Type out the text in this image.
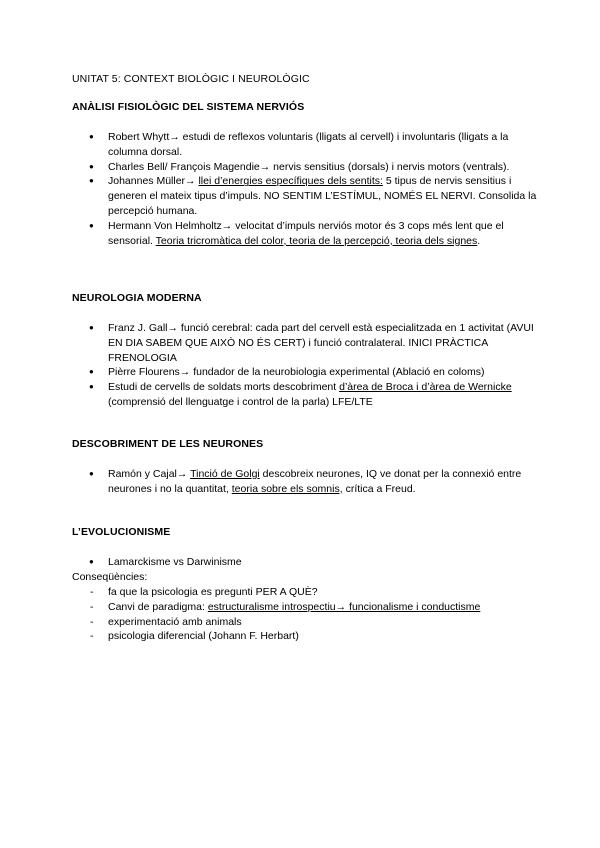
UNITAT 5: CONTEXT BIOLÒGIC I NEUROLÒGIC
ANÀLISI FISIOLÒGIC DEL SISTEMA NERVIÓS
● Robert Whytt→ estudi de reflexos voluntaris (lligats al cervell) i involuntaris (lligats a la columna dorsal.
● Charles Bell/ François Magendie→ nervis sensitius (dorsals) i nervis motors (ventrals).
● Johannes Müller→ llei d’energies específiques dels sentits: 5 tipus de nervis sensitius i generen el mateix tipus d’impuls. NO SENTIM L’ESTÍMUL, NOMÉS EL NERVI. Consolida la percepció humana.
● Hermann Von Helmholtz→ velocitat d’impuls nerviós motor és 3 cops més lent que el sensorial. Teoria tricromàtica del color, teoria de la percepció, teoria dels signes.
NEUROLOGIA MODERNA
● Franz J. Gall→ funció cerebral: cada part del cervell està especialitzada en 1 activitat (AVUI EN DIA SABEM QUE AIXÒ NO ÉS CERT) i funció contralateral. INICI PRÀCTICA FRENOLOGIA
● Pièrre Flourens→ fundador de la neurobiologia experimental (Ablació en coloms)
● Estudi de cervells de soldats morts descobriment d’àrea de Broca i d’àrea de Wernicke (comprensió del llenguatge i control de la parla) LFE/LTE
DESCOBRIMENT DE LES NEURONES
● Ramón y Cajal→ Tinció de Golgi descobreix neurones, IQ ve donat per la connexió entre neurones i no la quantitat, teoria sobre els somnis, crítica a Freud.
L’EVOLUCIONISME
● Lamarckisme vs Darwinisme
Conseqüències:
- fa que la psicologia es pregunti PER A QUÈ?
- Canvi de paradigma: estructuralisme introspectiu→ funcionalisme i conductisme
- experimentació amb animals
- psicologia diferencial (Johann F. Herbart)
